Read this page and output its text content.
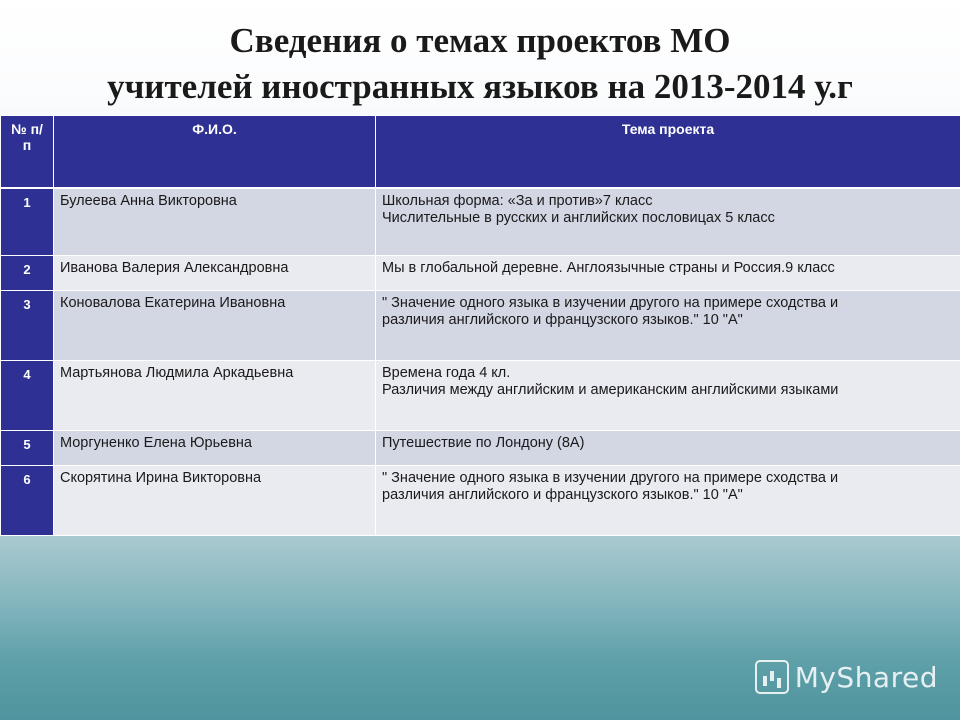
Сведения о темах проектов МО
учителей иностранных языков на 2013-2014 у.г
№ п/п	Ф.И.О.	Тема проекта

1	Булеева Анна Викторовна	Школьная форма: «За и против»7 класс
Числительные в русских и английских пословицах 5 класс

2	Иванова Валерия Александровна	Мы в глобальной деревне. Англоязычные страны и Россия.9 класс

3	Коновалова Екатерина Ивановна	" Значение одного языка в изучении другого на примере сходства и
различия английского и французского языков." 10 "А"

4	Мартьянова Людмила Аркадьевна	Времена года 4 кл.
Различия между английским и американским английскими языками

5	Моргуненко Елена Юрьевна	Путешествие по Лондону (8А)

6	Скорятина Ирина Викторовна	" Значение одного языка в изучении другого на примере сходства и
различия английского и французского языков." 10 "А"
MyShared
